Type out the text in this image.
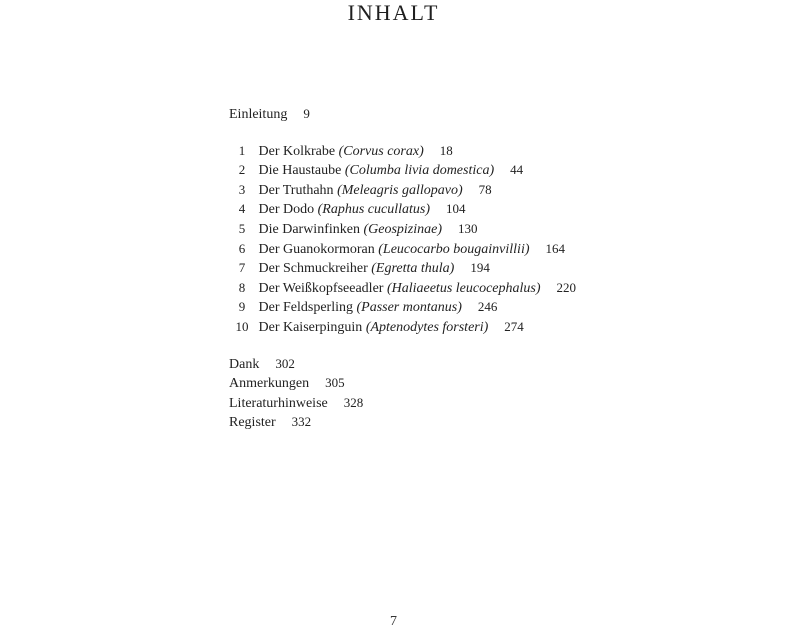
INHALT
Einleitung 9
1 Der Kolkrabe (Corvus corax) 18
2 Die Haustaube (Columba livia domestica) 44
3 Der Truthahn (Meleagris gallopavo) 78
4 Der Dodo (Raphus cucullatus) 104
5 Die Darwinfinken (Geospizinae) 130
6 Der Guanokormoran (Leucocarbo bougainvillii) 164
7 Der Schmuckreiher (Egretta thula) 194
8 Der Weißkopfseeadler (Haliaeetus leucocephalus) 220
9 Der Feldsperling (Passer montanus) 246
10 Der Kaiserpinguin (Aptenodytes forsteri) 274
Dank 302
Anmerkungen 305
Literaturhinweise 328
Register 332
7
